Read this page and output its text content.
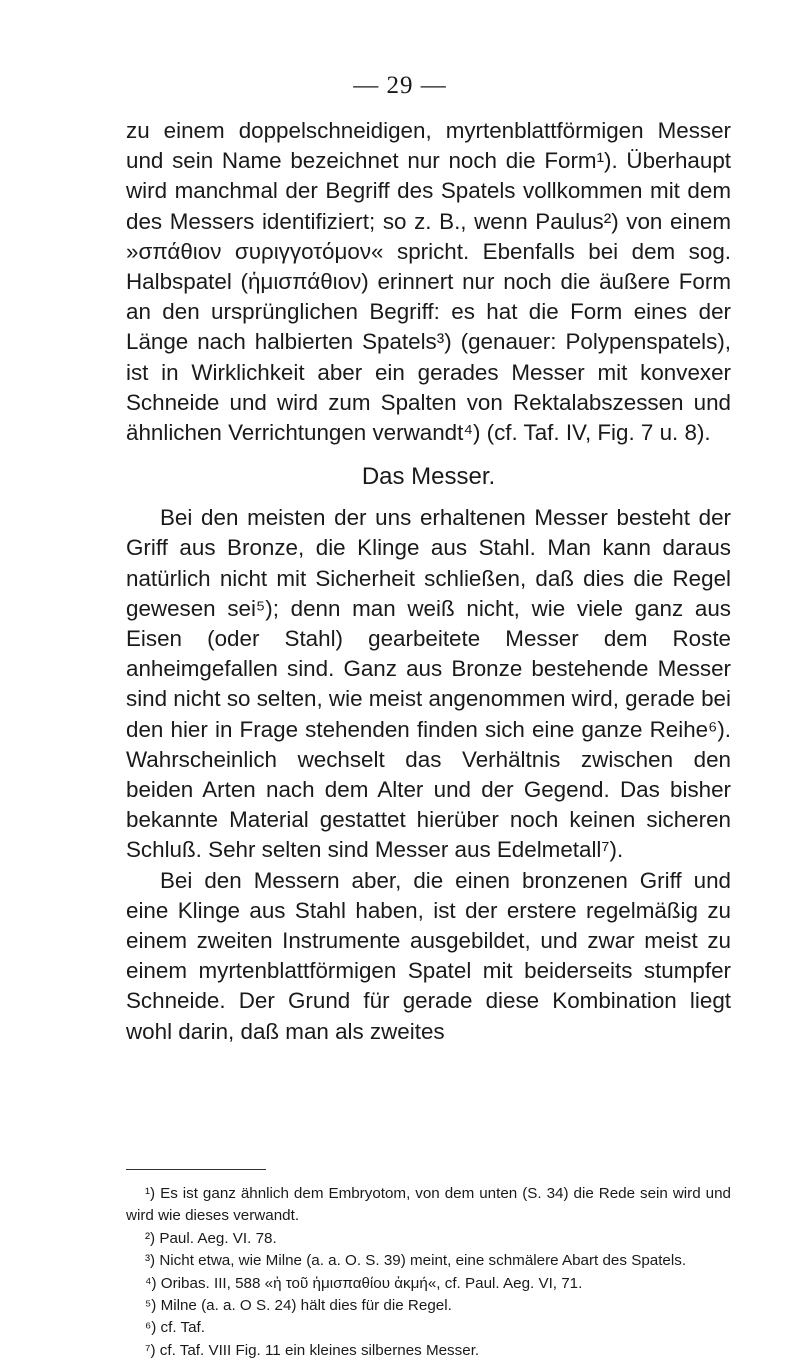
— 29 —

zu einem doppelschneidigen, myrtenblattförmigen Messer und sein Name bezeichnet nur noch die Form¹). Überhaupt wird manchmal der Begriff des Spatels vollkommen mit dem des Messers identifiziert; so z. B., wenn Paulus²) von einem »σπάθιον συριγγοτόμον« spricht. Ebenfalls bei dem sog. Halbspatel (ἡμισπάθιον) erinnert nur noch die äußere Form an den ursprünglichen Begriff: es hat die Form eines der Länge nach halbierten Spatels³) (genauer: Polypenspatels), ist in Wirklichkeit aber ein gerades Messer mit konvexer Schneide und wird zum Spalten von Rektalabszessen und ähnlichen Verrichtungen verwandt⁴) (cf. Taf. IV, Fig. 7 u. 8).

Das Messer.

Bei den meisten der uns erhaltenen Messer besteht der Griff aus Bronze, die Klinge aus Stahl. Man kann daraus natürlich nicht mit Sicherheit schließen, daß dies die Regel gewesen sei⁵); denn man weiß nicht, wie viele ganz aus Eisen (oder Stahl) gearbeitete Messer dem Roste anheimgefallen sind. Ganz aus Bronze bestehende Messer sind nicht so selten, wie meist angenommen wird, gerade bei den hier in Frage stehenden finden sich eine ganze Reihe⁶). Wahrscheinlich wechselt das Verhältnis zwischen den beiden Arten nach dem Alter und der Gegend. Das bisher bekannte Material gestattet hierüber noch keinen sicheren Schluß. Sehr selten sind Messer aus Edelmetall⁷).

Bei den Messern aber, die einen bronzenen Griff und eine Klinge aus Stahl haben, ist der erstere regelmäßig zu einem zweiten Instrumente ausgebildet, und zwar meist zu einem myrtenblattförmigen Spatel mit beiderseits stumpfer Schneide. Der Grund für gerade diese Kombination liegt wohl darin, daß man als zweites

¹) Es ist ganz ähnlich dem Embryotom, von dem unten (S. 34) die Rede sein wird und wird wie dieses verwandt.

²) Paul. Aeg. VI. 78.

³) Nicht etwa, wie Milne (a. a. O. S. 39) meint, eine schmälere Abart des Spatels.

⁴) Oribas. III, 588 «ἡ τοῦ ἡμισπαθίου ἀκμή«, cf. Paul. Aeg. VI, 71.

⁵) Milne (a. a. O S. 24) hält dies für die Regel.

⁶) cf. Taf.

⁷) cf. Taf. VIII Fig. 11 ein kleines silbernes Messer.
